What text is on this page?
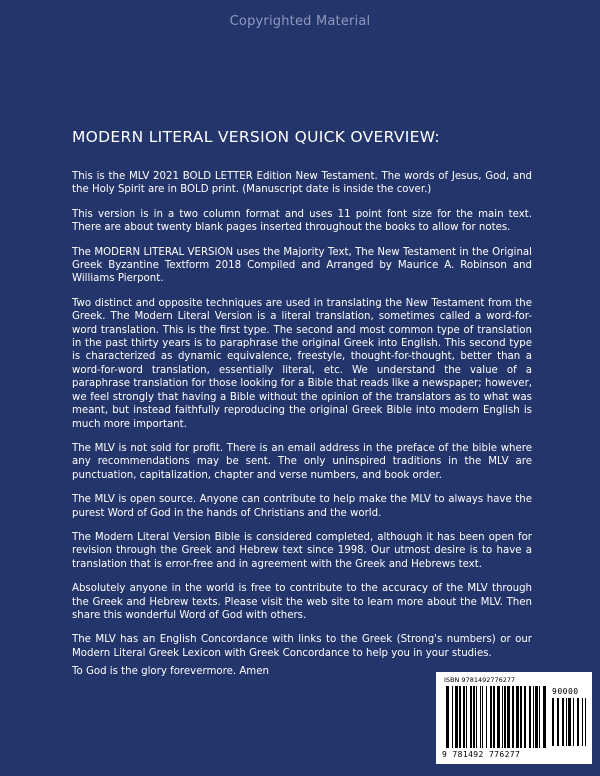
Copyrighted Material
MODERN LITERAL VERSION QUICK OVERVIEW:

This is the MLV 2021 BOLD LETTER Edition New Testament. The words of Jesus, God, and the Holy Spirit are in BOLD print. (Manuscript date is inside the cover.)

This version is in a two column format and uses 11 point font size for the main text. There are about twenty blank pages inserted throughout the books to allow for notes.

The MODERN LITERAL VERSION uses the Majority Text, The New Testament in the Original Greek Byzantine Textform 2018 Compiled and Arranged by Maurice A. Robinson and Williams Pierpont.

Two distinct and opposite techniques are used in translating the New Testament from the Greek. The Modern Literal Version is a literal translation, sometimes called a word-for-word translation. This is the first type. The second and most common type of translation in the past thirty years is to paraphrase the original Greek into English. This second type is characterized as dynamic equivalence, freestyle, thought-for-thought, better than a word-for-word translation, essentially literal, etc. We understand the value of a paraphrase translation for those looking for a Bible that reads like a newspaper; however, we feel strongly that having a Bible without the opinion of the translators as to what was meant, but instead faithfully reproducing the original Greek Bible into modern English is much more important.

The MLV is not sold for profit. There is an email address in the preface of the bible where any recommendations may be sent. The only uninspired traditions in the MLV are punctuation, capitalization, chapter and verse numbers, and book order.

The MLV is open source. Anyone can contribute to help make the MLV to always have the purest Word of God in the hands of Christians and the world.

The Modern Literal Version Bible is considered completed, although it has been open for revision through the Greek and Hebrew text since 1998. Our utmost desire is to have a translation that is error-free and in agreement with the Greek and Hebrews text.

Absolutely anyone in the world is free to contribute to the accuracy of the MLV through the Greek and Hebrew texts. Please visit the web site to learn more about the MLV. Then share this wonderful Word of God with others.

The MLV has an English Concordance with links to the Greek (Strong's numbers) or our Modern Literal Greek Lexicon with Greek Concordance to help you in your studies.

To God is the glory forevermore. Amen

ISBN 9781492776277
90000
9 781492 776277
